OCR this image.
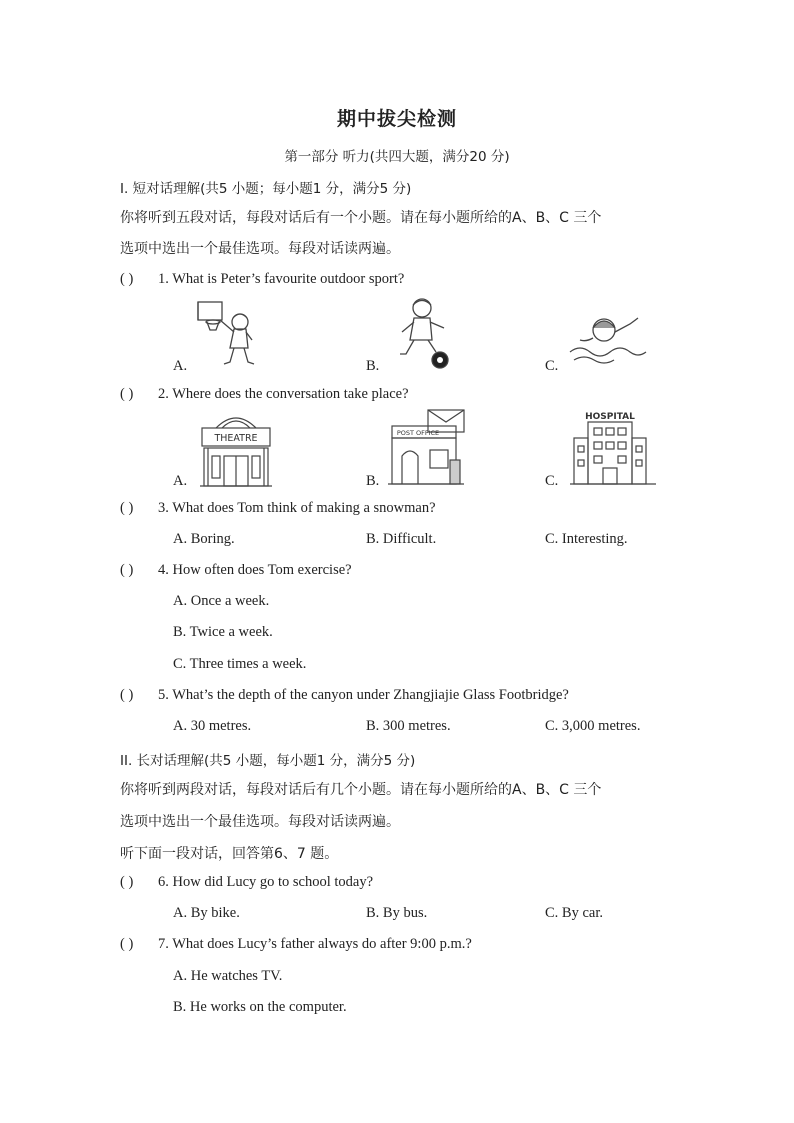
期中拔尖检测
第一部分 听力(共四大题，满分20 分)
I. 短对话理解(共5 小题；每小题1 分，满分5 分)
你将听到五段对话，每段对话后有一个小题。请在每小题所给的A、B、C 三个
选项中选出一个最佳选项。每段对话读两遍。
( ) 1. What is Peter’s favourite outdoor sport?
A.	B.	C.
( ) 2. Where does the conversation take place?
A.	B.	C.
THEATRE	POST OFFICE
HOSPITAL
( ) 3. What does Tom think of making a snowman?
A. Boring.	B. Difficult.	C. Interesting.
( ) 4. How often does Tom exercise?
A. Once a week.
B. Twice a week.
C. Three times a week.
( ) 5. What’s the depth of the canyon under Zhangjiajie Glass Footbridge?
A. 30 metres.	B. 300 metres.	C. 3,000 metres.
II. 长对话理解(共5 小题，每小题1 分，满分5 分)
你将听到两段对话，每段对话后有几个小题。请在每小题所给的A、B、C 三个
选项中选出一个最佳选项。每段对话读两遍。
听下面一段对话，回答第6、7 题。
( ) 6. How did Lucy go to school today?
A. By bike.	B. By bus.	C. By car.
( ) 7. What does Lucy’s father always do after 9:00 p.m.?
A. He watches TV.
B. He works on the computer.
